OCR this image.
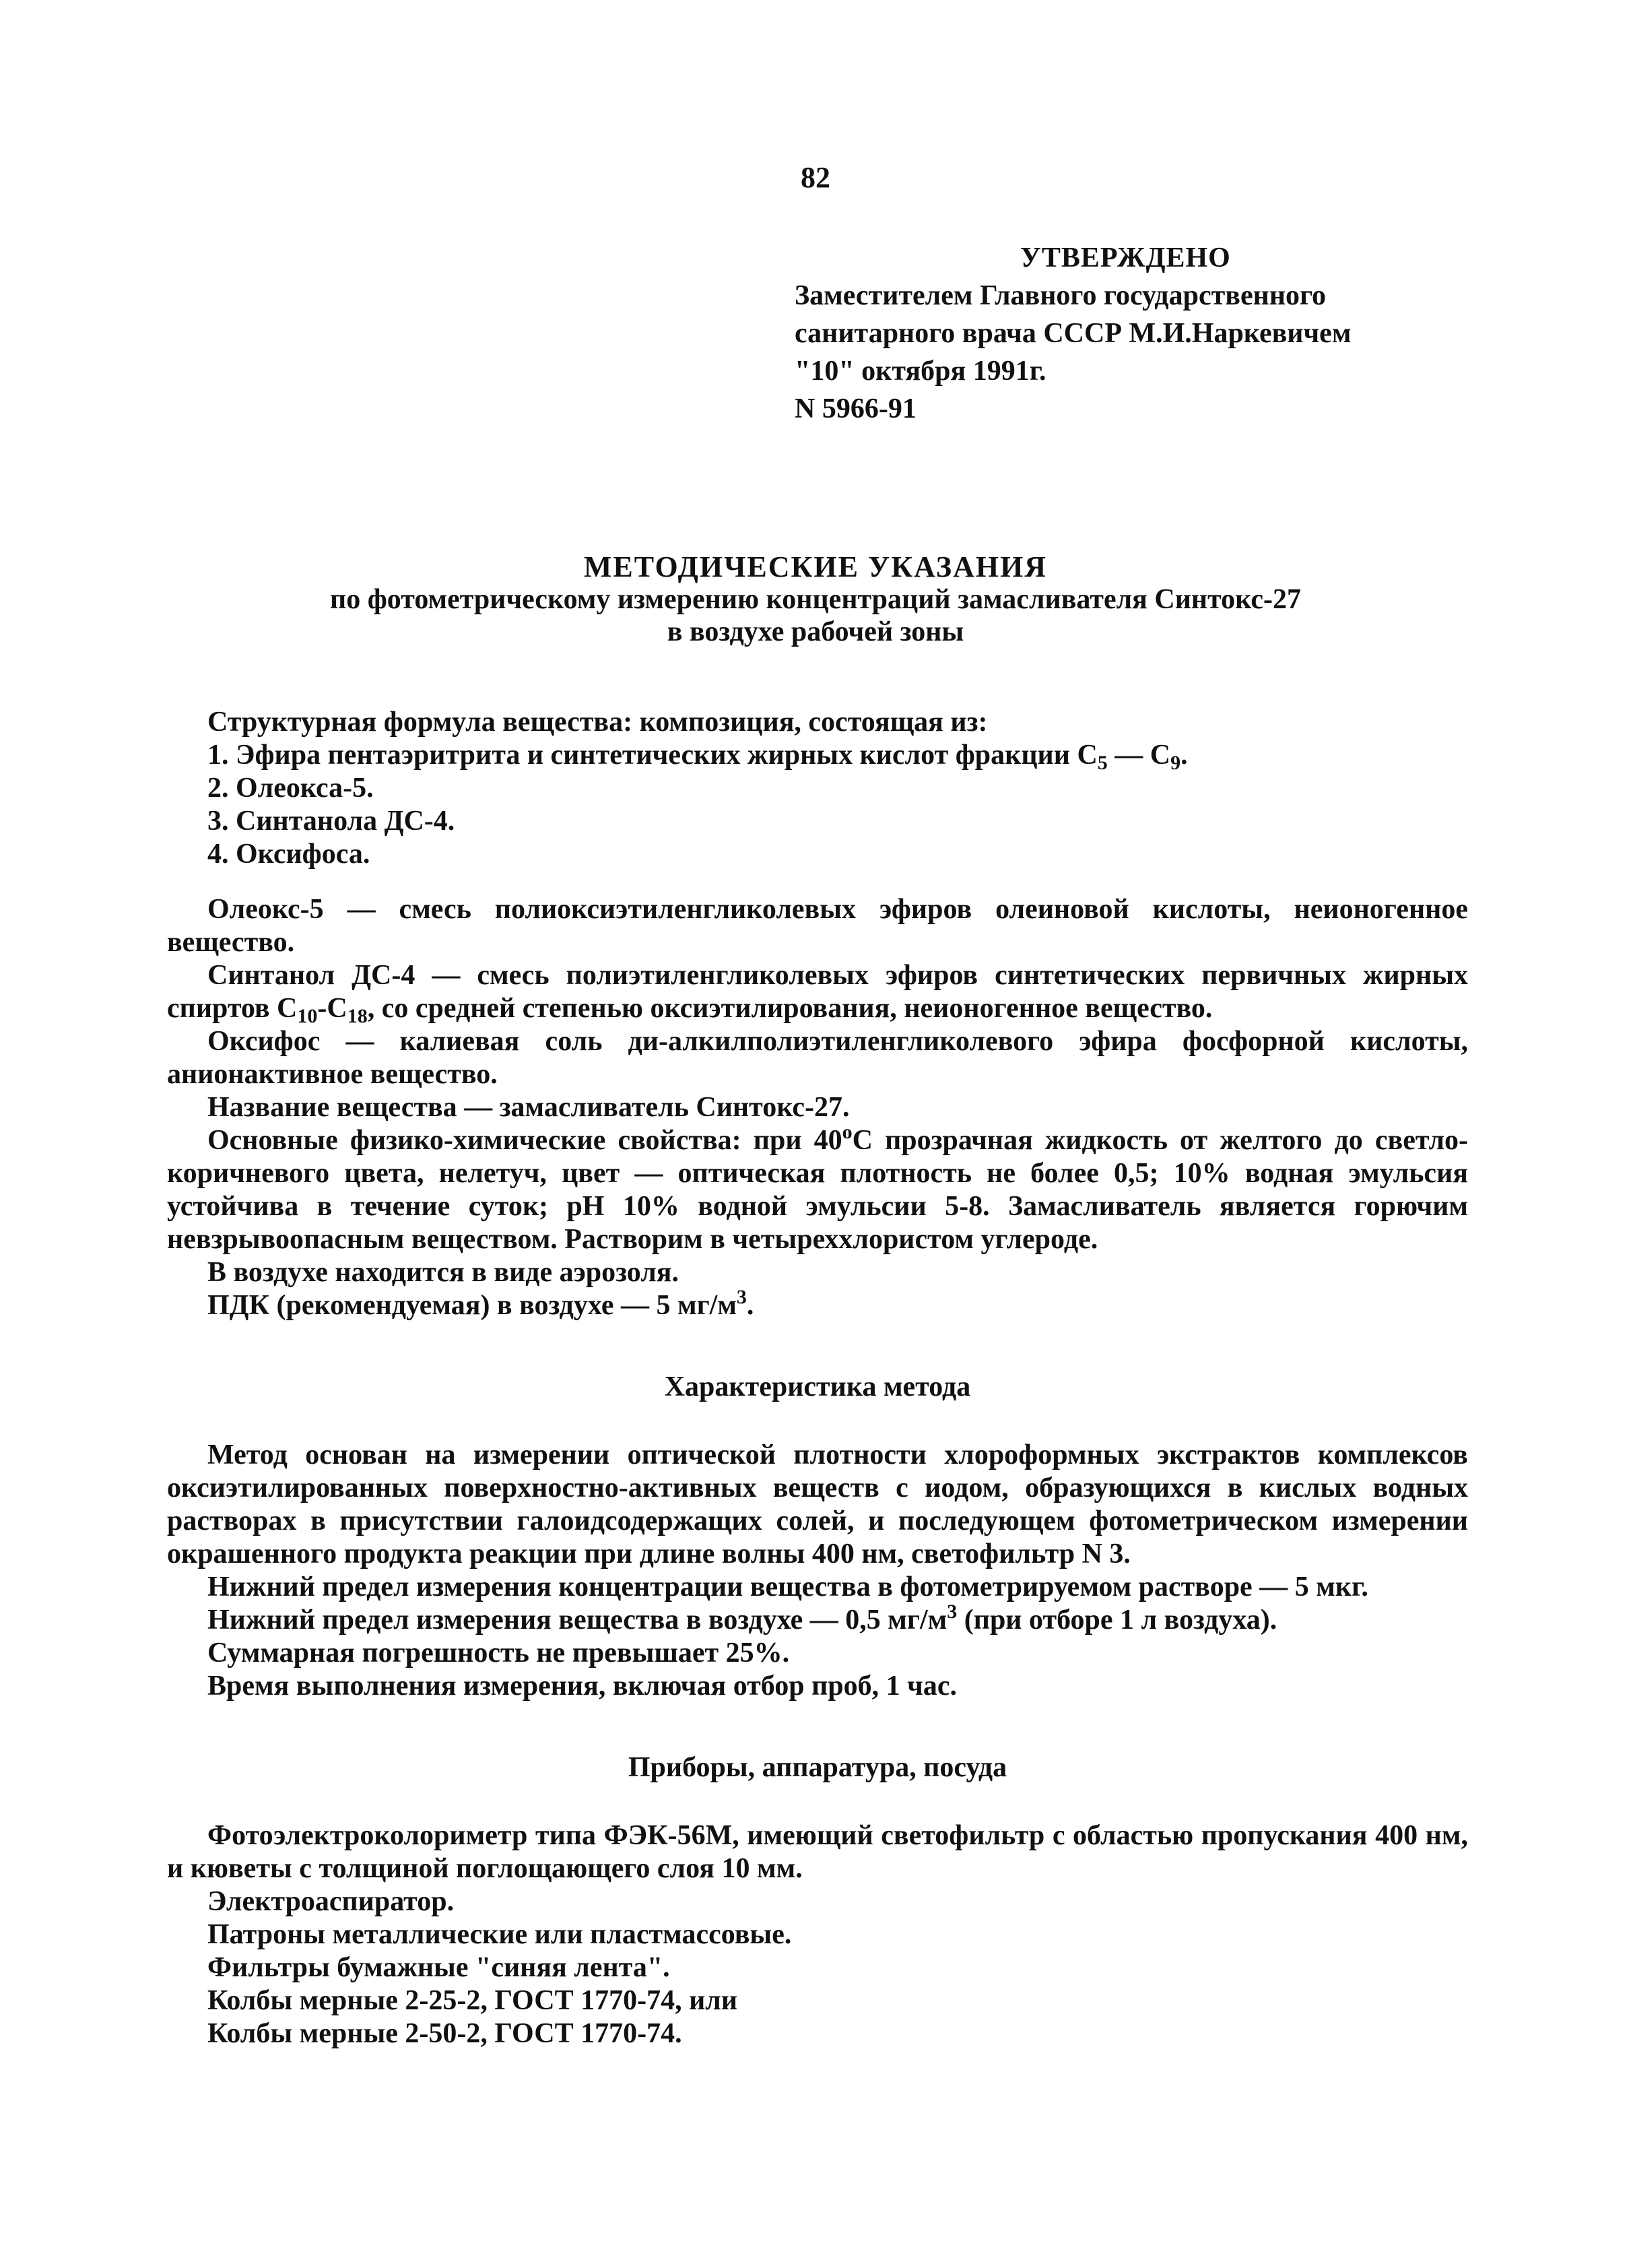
82
УТВЕРЖДЕНО
Заместителем Главного государственного
санитарного врача СССР М.И.Наркевичем
"10" октября 1991г.
N 5966-91
МЕТОДИЧЕСКИЕ УКАЗАНИЯ
по фотометрическому измерению концентраций замасливателя Синтокс-27
в воздухе рабочей зоны

Структурная формула вещества: композиция, состоящая из:

1. Эфира пентаэритрита и синтетических жирных кислот фракции $С_5$ — $С_9$.

2. Олеокса-5.

3. Синтанола ДС-4.

4. Оксифоса.

Олеокс-5 — смесь полиоксиэтиленгликолевых эфиров олеиновой кислоты, неионогенное вещество.

Синтанол ДС-4 — смесь полиэтиленгликолевых эфиров синтетических первичных жирных спиртов $С_{10}-С_{18}$, со средней степенью оксиэтилирования, неионогенное вещество.

Оксифос — калиевая соль ди-алкилполиэтиленгликолевого эфира фосфорной кислоты, анионактивное вещество.

Название вещества — замасливатель Синтокс-27.

Основные физико-химические свойства: при $40^оС$ прозрачная жидкость от желтого до светло-коричневого цвета, нелетуч, цвет — оптическая плотность не более 0,5; 10% водная эмульсия устойчива в течение суток; рН 10% водной эмульсии 5-8. Замасливатель является горючим невзрывоопасным веществом. Растворим в четыреххлористом углероде.

В воздухе находится в виде аэрозоля.

ПДК (рекомендуемая) в воздухе — 5 $мг/м^3$.

Характеристика метода

Метод основан на измерении оптической плотности хлороформных экстрактов комплексов оксиэтилированных поверхностно-активных веществ с иодом, образующихся в кислых водных растворах в присутствии галоидсодержащих солей, и последующем фотометрическом измерении окрашенного продукта реакции при длине волны 400 нм, светофильтр N 3.

Нижний предел измерения концентрации вещества в фотометрируемом растворе — 5 мкг.

Нижний предел измерения вещества в воздухе — 0,5 $мг/м^3$ (при отборе 1 л воздуха).

Суммарная погрешность не превышает 25%.

Время выполнения измерения, включая отбор проб, 1 час.

Приборы, аппаратура, посуда

Фотоэлектроколориметр типа ФЭК-56М, имеющий светофильтр с областью пропускания 400 нм, и кюветы с толщиной поглощающего слоя 10 мм.

Электроаспиратор.

Патроны металлические или пластмассовые.

Фильтры бумажные "синяя лента".

Колбы мерные 2-25-2, ГОСТ 1770-74, или

Колбы мерные 2-50-2, ГОСТ 1770-74.
